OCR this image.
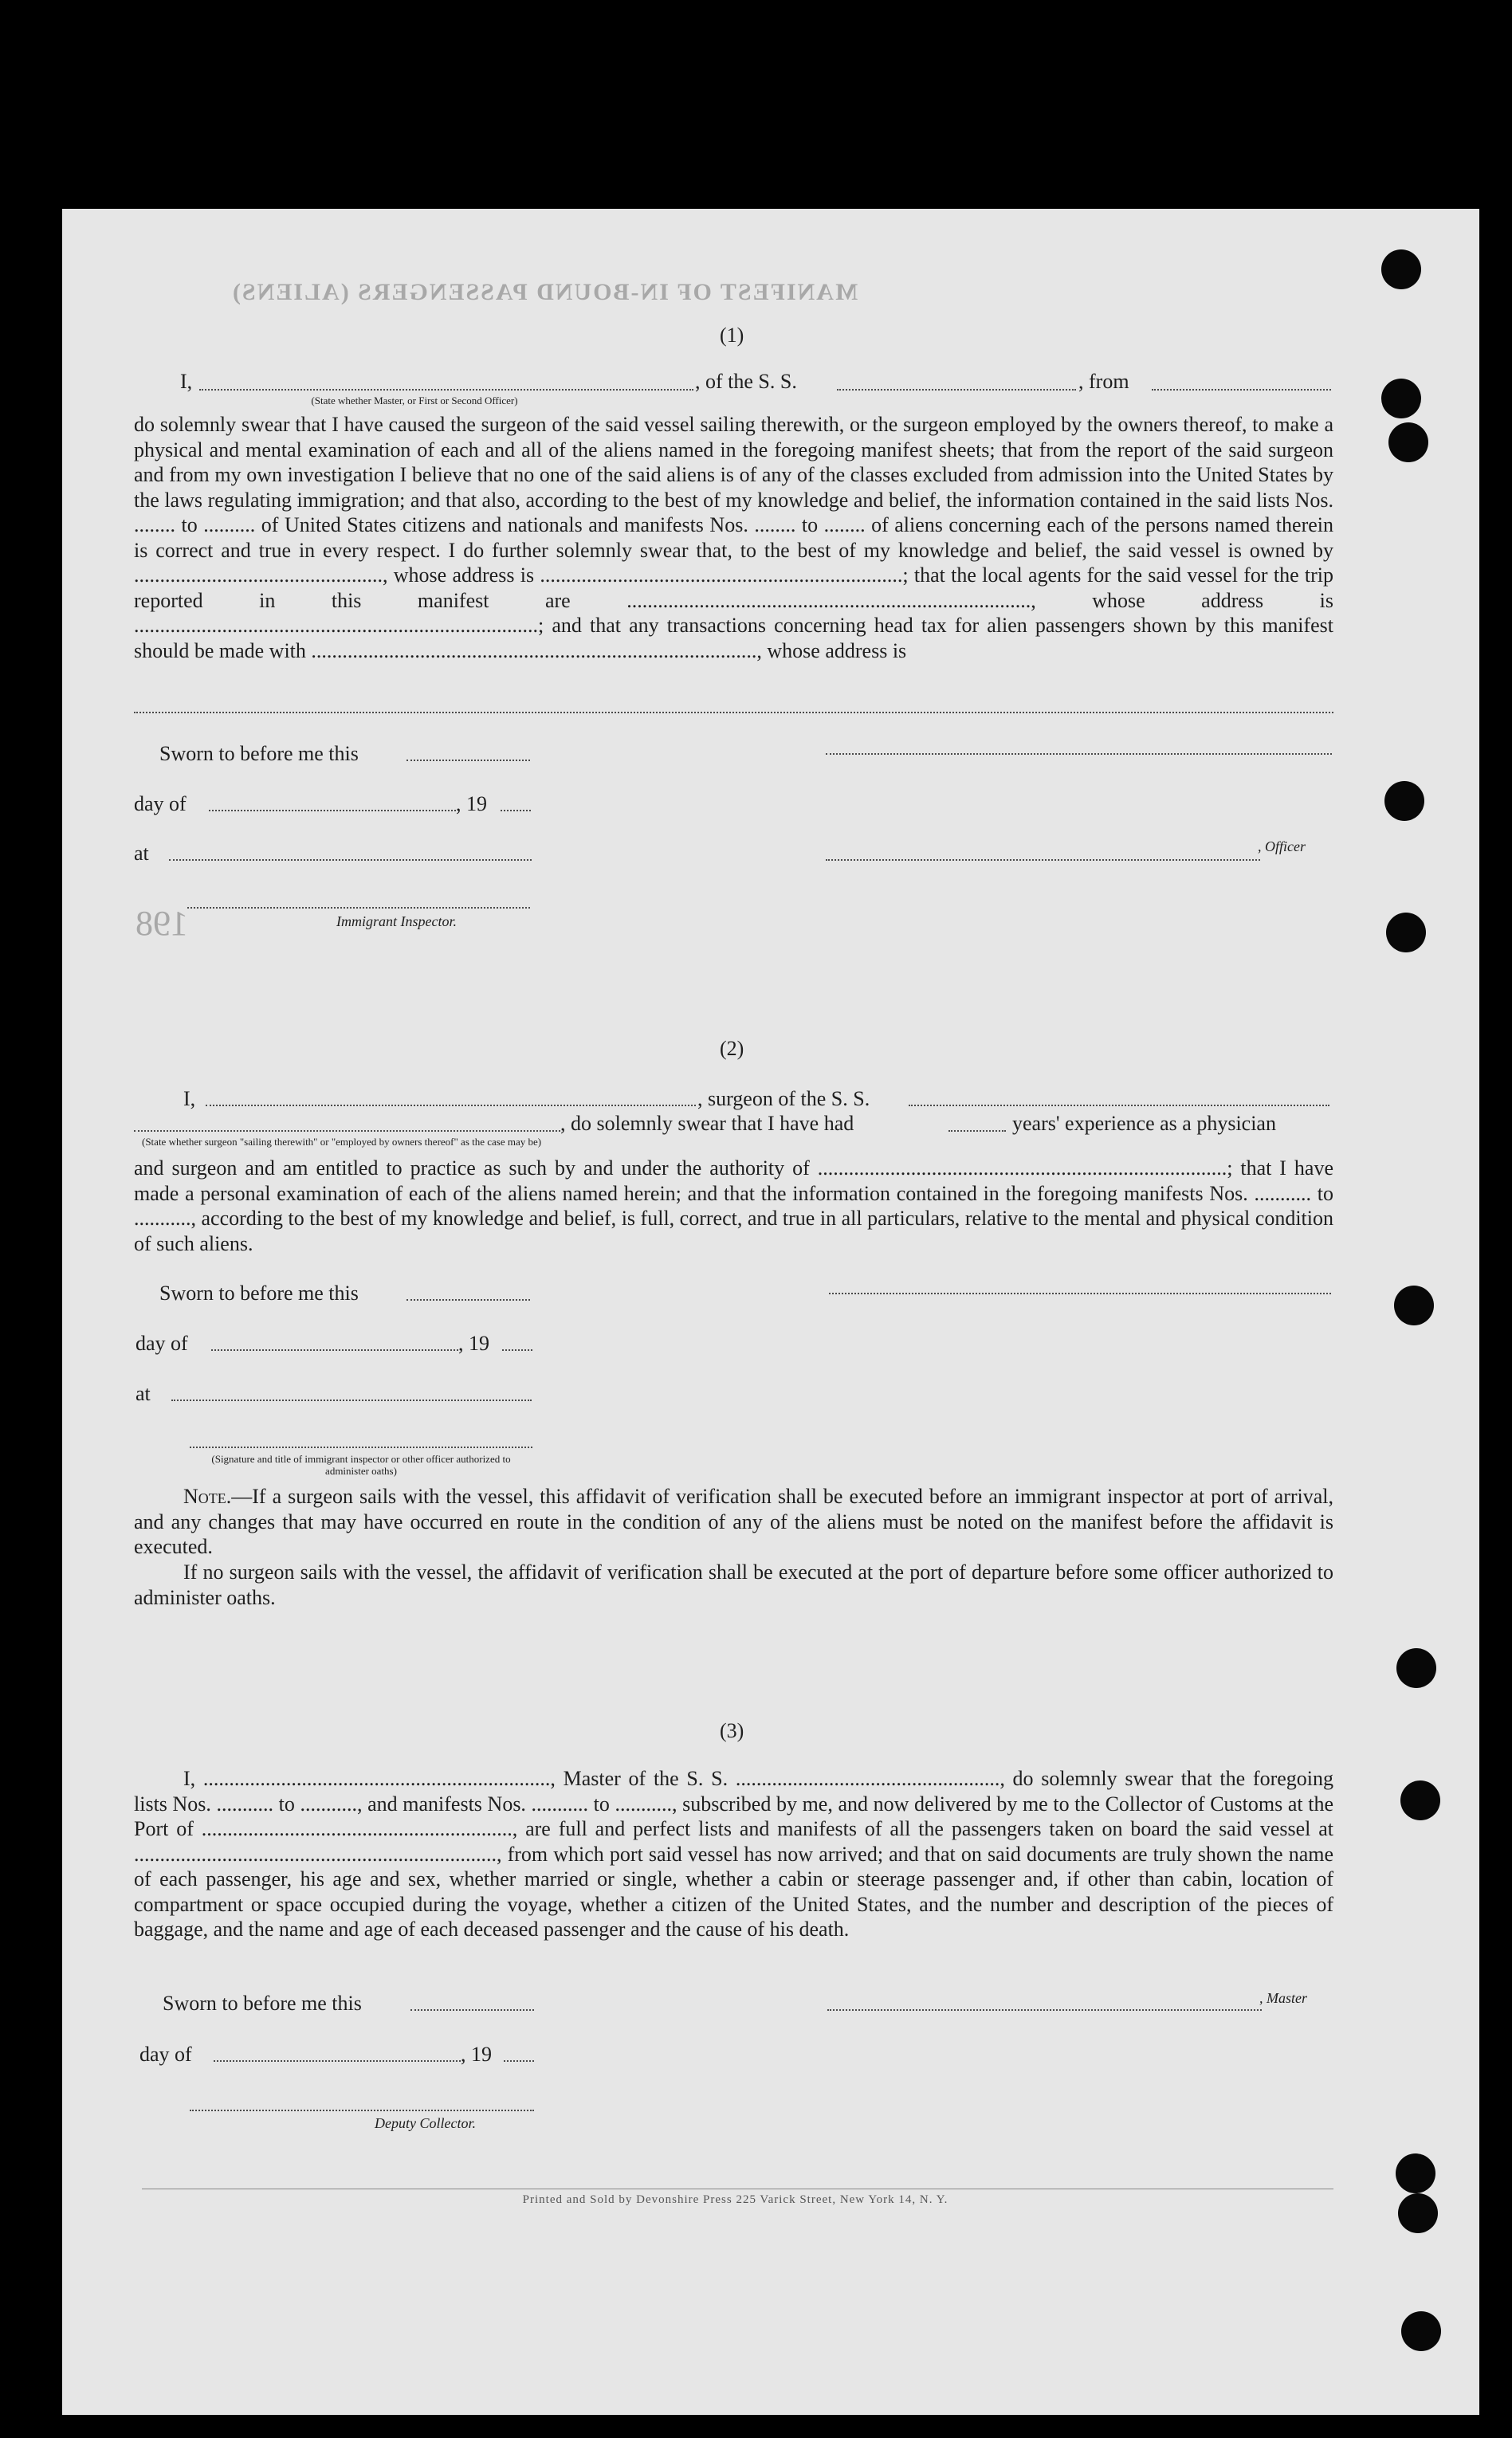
MANIFEST OF IN-BOUND PASSENGERS (ALIENS)
198
(1)
I,	, of the S. S.	, from
(State whether Master, or First or Second Officer)

do solemnly swear that I have caused the surgeon of the said vessel sailing therewith, or the surgeon employed by the owners thereof, to make a physical and mental examination of each and all of the aliens named in the foregoing manifest sheets; that from the report of the said surgeon and from my own investigation I believe that no one of the said aliens is of any of the classes excluded from admission into the United States by the laws regulating immigration; and that also, according to the best of my knowledge and belief, the information contained in the said lists Nos. ........ to .......... of United States citizens and nationals and manifests Nos. ........ to ........ of aliens concerning each of the persons named therein is correct and true in every respect. I do further solemnly swear that, to the best of my knowledge and belief, the said vessel is owned by ................................................, whose address is ......................................................................; that the local agents for the said vessel for the trip reported in this manifest are .............................................................................., whose address is ..............................................................................; and that any transactions concerning head tax for alien passengers shown by this manifest should be made with ......................................................................................, whose address is

Sworn to before me this
day of	, 19
at	, Officer
Immigrant Inspector.
(2)
I,	, surgeon of the S. S.
, do solemnly swear that I have had	years' experience as a physician
(State whether surgeon "sailing therewith" or "employed by owners thereof" as the case may be)

and surgeon and am entitled to practice as such by and under the authority of ...............................................................................; that I have made a personal examination of each of the aliens named herein; and that the information contained in the foregoing manifests Nos. ........... to ..........., according to the best of my knowledge and belief, is full, correct, and true in all particulars, relative to the mental and physical condition of such aliens.

Sworn to before me this
day of	, 19
at
(Signature and title of immigrant inspector or other officer authorized to administer oaths)

Note.—If a surgeon sails with the vessel, this affidavit of verification shall be executed before an immigrant inspector at port of arrival, and any changes that may have occurred en route in the condition of any of the aliens must be noted on the manifest before the affidavit is executed.

If no surgeon sails with the vessel, the affidavit of verification shall be executed at the port of departure before some officer authorized to administer oaths.

(3)

I, ..................................................................., Master of the S. S. ..................................................., do solemnly swear that the foregoing lists Nos. ........... to ..........., and manifests Nos. ........... to ..........., subscribed by me, and now delivered by me to the Collector of Customs at the Port of ............................................................, are full and perfect lists and manifests of all the passengers taken on board the said vessel at ......................................................................, from which port said vessel has now arrived; and that on said documents are truly shown the name of each passenger, his age and sex, whether married or single, whether a cabin or steerage passenger and, if other than cabin, location of compartment or space occupied during the voyage, whether a citizen of the United States, and the number and description of the pieces of baggage, and the name and age of each deceased passenger and the cause of his death.

Sworn to before me this	, Master
day of	, 19
Deputy Collector.
Printed and Sold by Devonshire Press 225 Varick Street, New York 14, N. Y.
